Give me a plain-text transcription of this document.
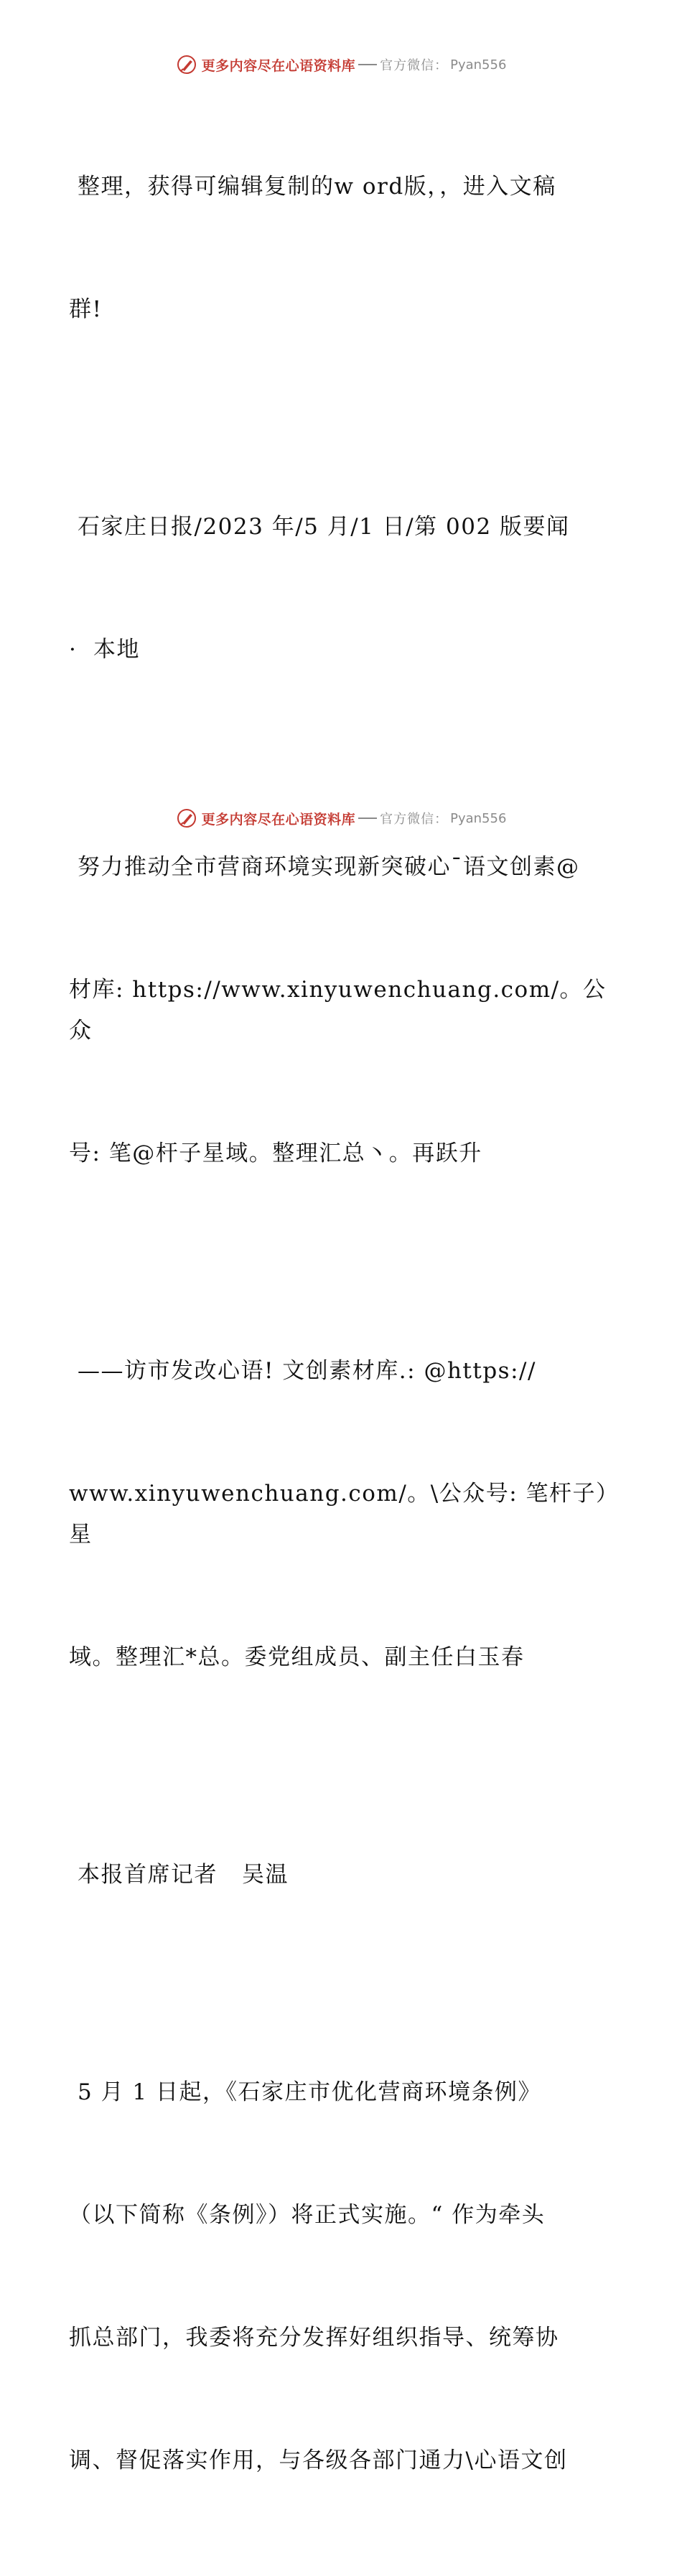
更多内容尽在心语资料库 官方微信： Pyan556

整理，获得可编辑复制的w ord版，，进入文稿

群!

石家庄日报/2023 年/5 月/1 日/第 002 版要闻

·  本地

努力推动全市营商环境实现新突破心¯语文创素@

材库: https://www.xinyuwenchuang.com/。公众

号: 笔@杆子星域。整理汇总丶。再跃升

——访市发改心语! 文创素材库.: @https://

www.xinyuwenchuang.com/。\公众号: 笔杆子）星

域。整理汇*总。委党组成员、副主任白玉春

本报首席记者   吴温

5 月 1 日起，《石家庄市优化营商环境条例》

（以下简称《条例》）将正式实施。“ 作为牵头

抓总部门，我委将充分发挥好组织指导、统筹协

调、督促落实作用，与各级各部门通力\心语文创

更多内容尽在心语资料库 官方微信： Pyan556
